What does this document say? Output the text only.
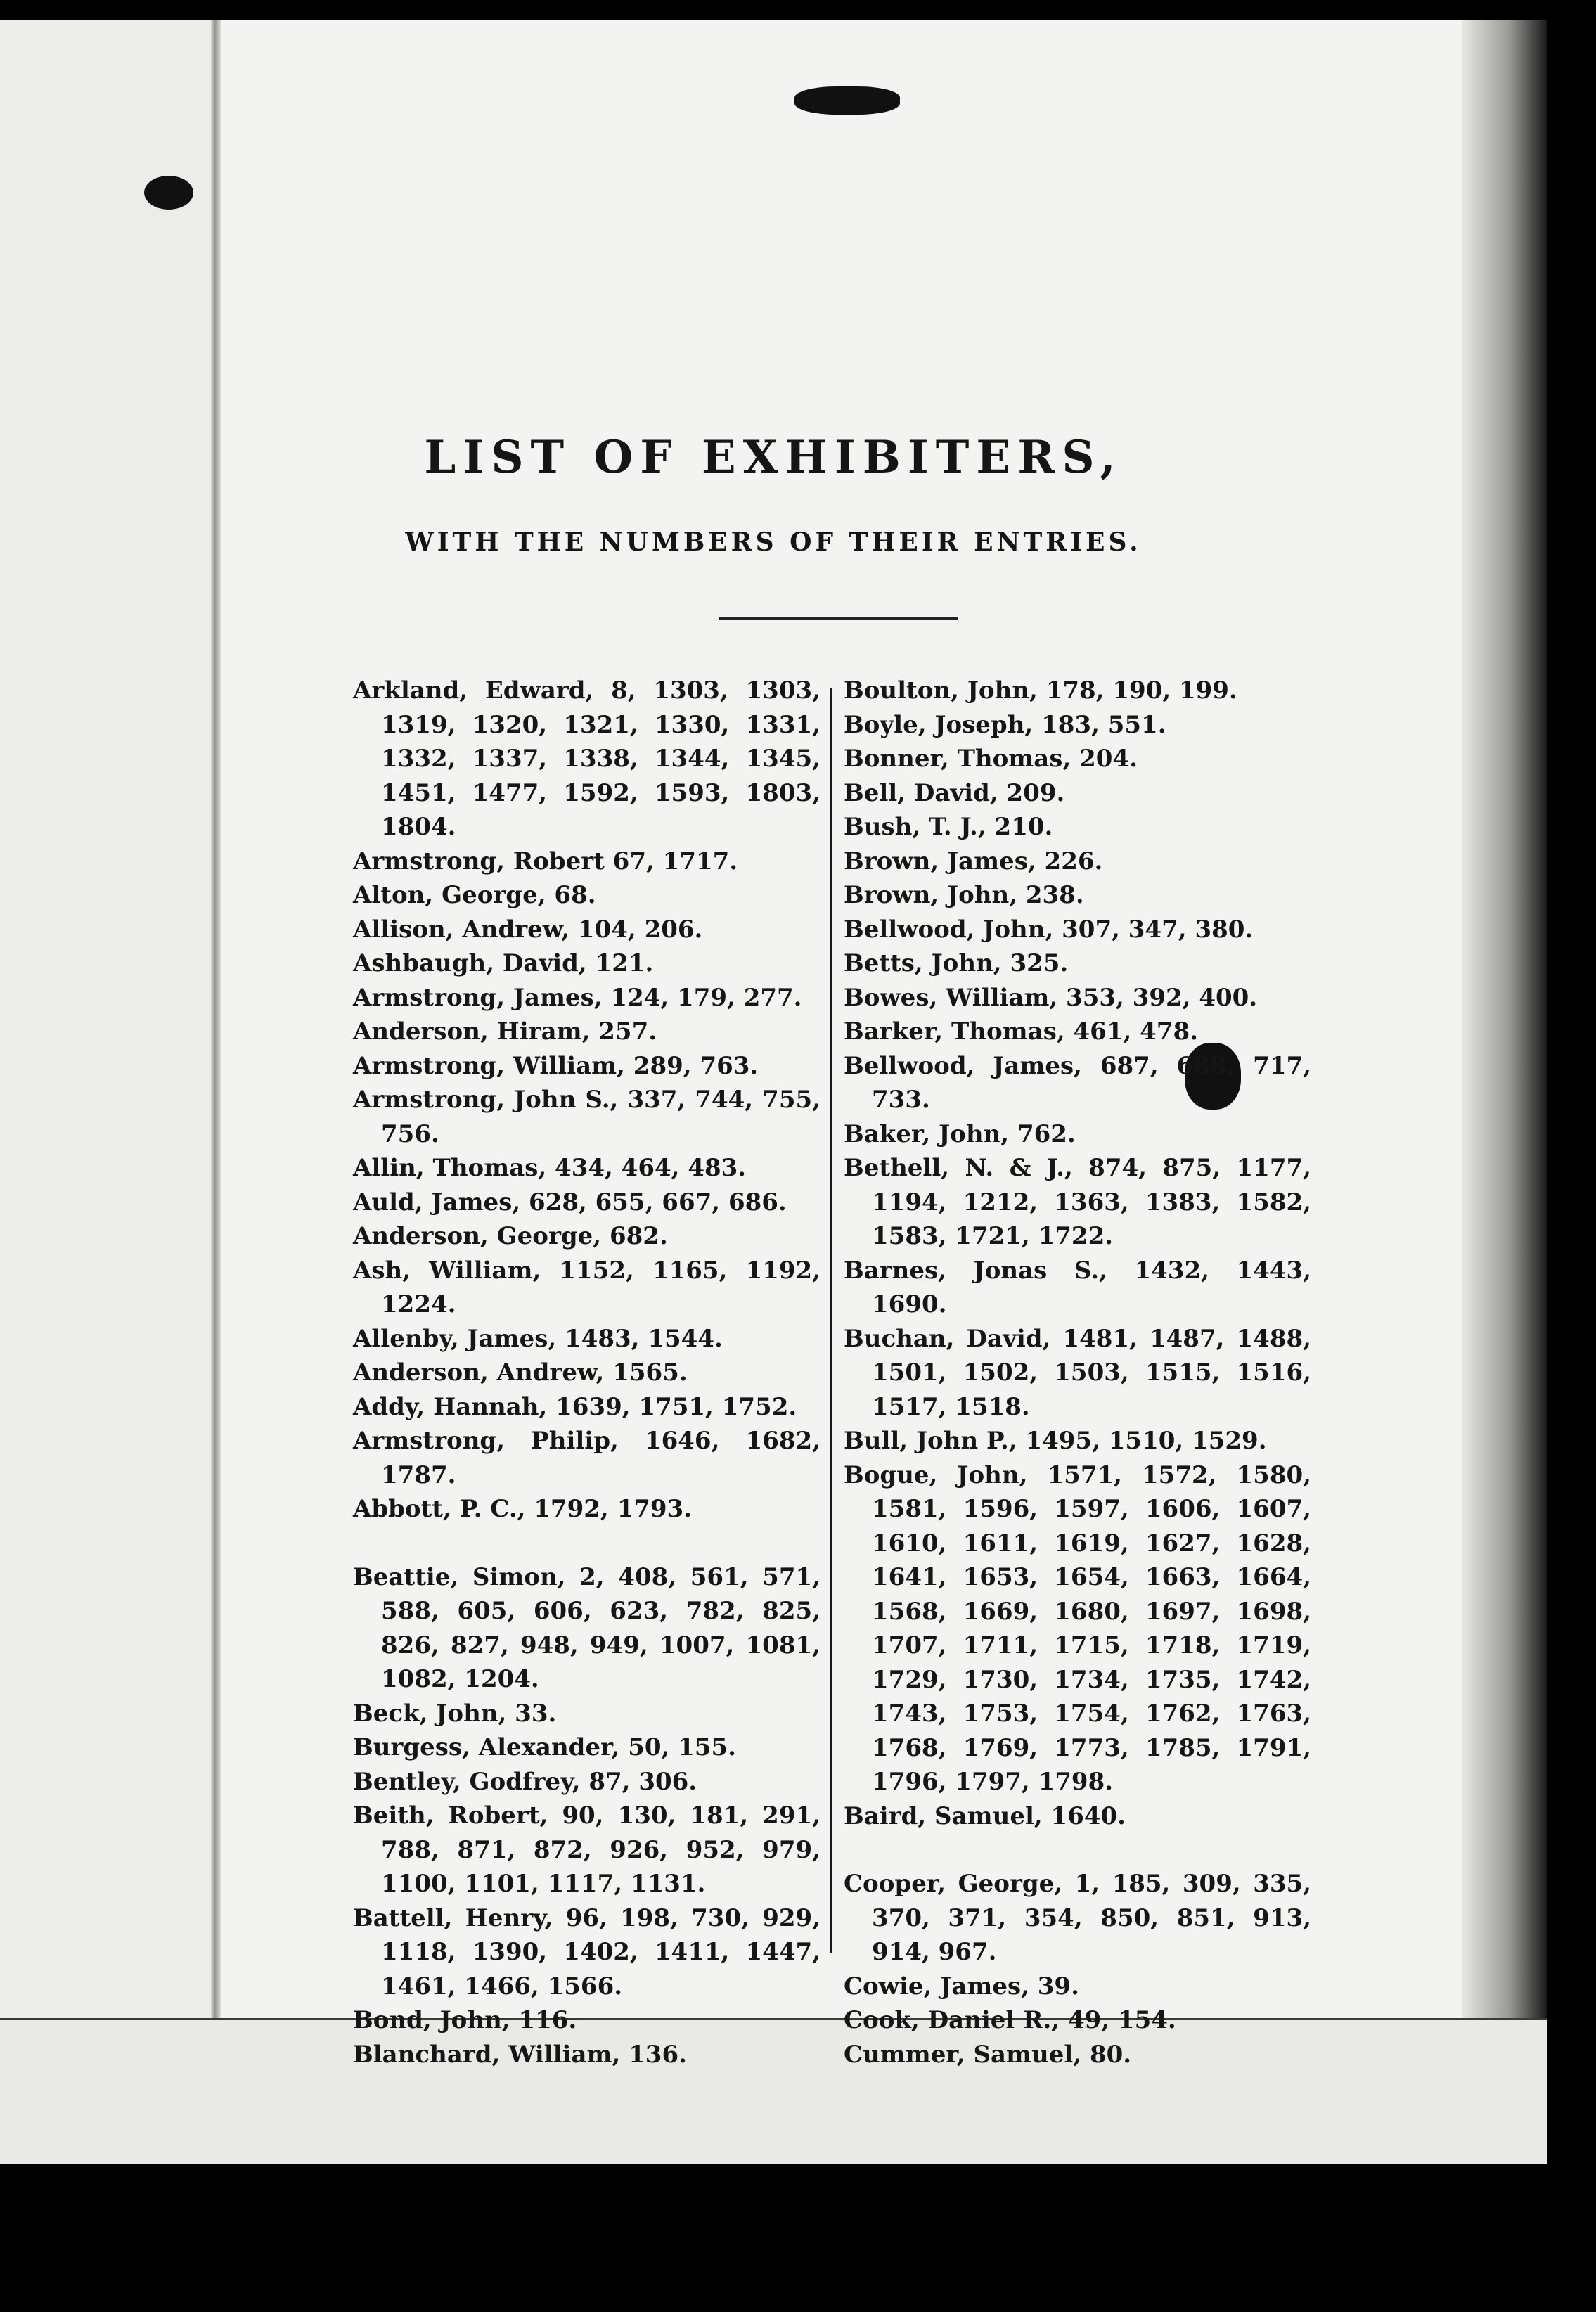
LIST OF EXHIBITERS,
WITH THE NUMBERS OF THEIR ENTRIES.

Arkland, Edward, 8, 1303, 1303, 1319, 1320, 1321, 1330, 1331, 1332, 1337, 1338, 1344, 1345, 1451, 1477, 1592, 1593, 1803, 1804.

Armstrong, Robert 67, 1717.

Alton, George, 68.

Allison, Andrew, 104, 206.

Ashbaugh, David, 121.

Armstrong, James, 124, 179, 277.

Anderson, Hiram, 257.

Armstrong, William, 289, 763.

Armstrong, John S., 337, 744, 755, 756.

Allin, Thomas, 434, 464, 483.

Auld, James, 628, 655, 667, 686.

Anderson, George, 682.

Ash, William, 1152, 1165, 1192, 1224.

Allenby, James, 1483, 1544.

Anderson, Andrew, 1565.

Addy, Hannah, 1639, 1751, 1752.

Armstrong, Philip, 1646, 1682, 1787.

Abbott, P. C., 1792, 1793.

Beattie, Simon, 2, 408, 561, 571, 588, 605, 606, 623, 782, 825, 826, 827, 948, 949, 1007, 1081, 1082, 1204.

Beck, John, 33.

Burgess, Alexander, 50, 155.

Bentley, Godfrey, 87, 306.

Beith, Robert, 90, 130, 181, 291, 788, 871, 872, 926, 952, 979, 1100, 1101, 1117, 1131.

Battell, Henry, 96, 198, 730, 929, 1118, 1390, 1402, 1411, 1447, 1461, 1466, 1566.

Bond, John, 116.

Blanchard, William, 136.

Boulton, John, 178, 190, 199.

Boyle, Joseph, 183, 551.

Bonner, Thomas, 204.

Bell, David, 209.

Bush, T. J., 210.

Brown, James, 226.

Brown, John, 238.

Bellwood, John, 307, 347, 380.

Betts, John, 325.

Bowes, William, 353, 392, 400.

Barker, Thomas, 461, 478.

Bellwood, James, 687, 688, 717, 733.

Baker, John, 762.

Bethell, N. & J., 874, 875, 1177, 1194, 1212, 1363, 1383, 1582, 1583, 1721, 1722.

Barnes, Jonas S., 1432, 1443, 1690.

Buchan, David, 1481, 1487, 1488, 1501, 1502, 1503, 1515, 1516, 1517, 1518.

Bull, John P., 1495, 1510, 1529.

Bogue, John, 1571, 1572, 1580, 1581, 1596, 1597, 1606, 1607, 1610, 1611, 1619, 1627, 1628, 1641, 1653, 1654, 1663, 1664, 1568, 1669, 1680, 1697, 1698, 1707, 1711, 1715, 1718, 1719, 1729, 1730, 1734, 1735, 1742, 1743, 1753, 1754, 1762, 1763, 1768, 1769, 1773, 1785, 1791, 1796, 1797, 1798.

Baird, Samuel, 1640.

Cooper, George, 1, 185, 309, 335, 370, 371, 354, 850, 851, 913, 914, 967.

Cowie, James, 39.

Cook, Daniel R., 49, 154.

Cummer, Samuel, 80.
